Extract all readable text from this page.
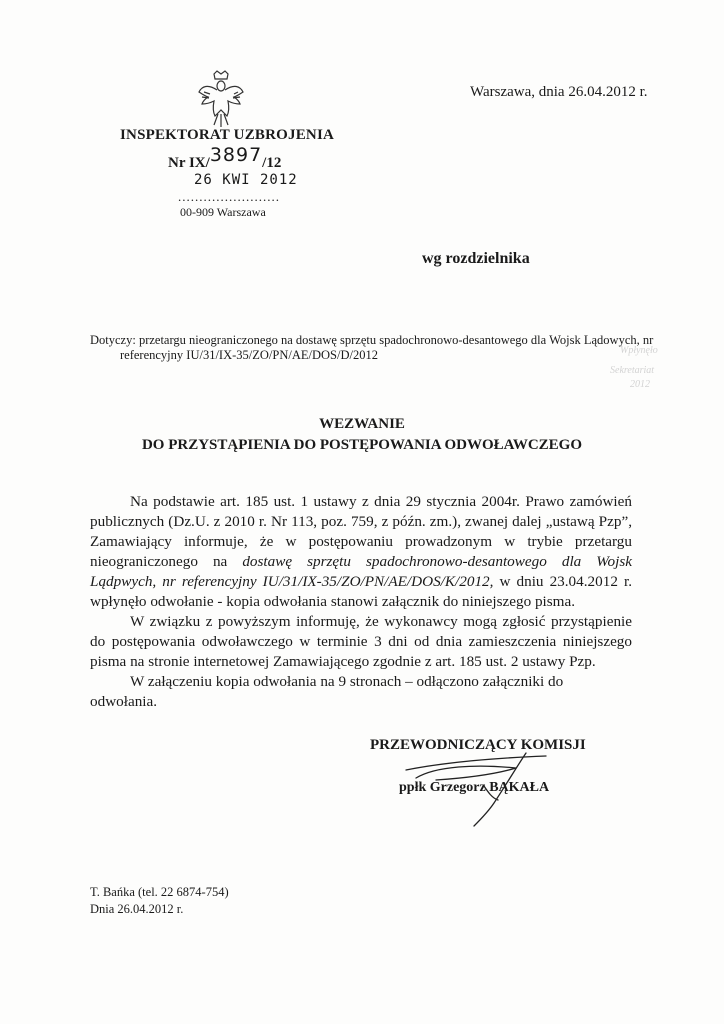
Warszawa, dnia 26.04.2012 r.
INSPEKTORAT UZBROJENIA
Nr IX/3897/12
26 KWI 2012
........................
00-909 Warszawa
wg rozdzielnika
Dotyczy: przetargu nieograniczonego na dostawę sprzętu spadochronowo-desantowego dla Wojsk Lądowych, nr
referencyjny IU/31/IX-35/ZO/PN/AE/DOS/D/2012	Wpłynęło
Sekretariat
2012
WEZWANIE
DO PRZYSTĄPIENIA DO POSTĘPOWANIA ODWOŁAWCZEGO

Na podstawie art. 185 ust. 1 ustawy z dnia 29 stycznia 2004r. Prawo zamówień publicznych (Dz.U. z 2010 r. Nr 113, poz. 759, z późn. zm.), zwanej dalej „ustawą Pzp”, Zamawiający informuje, że w postępowaniu prowadzonym w trybie przetargu nieograniczonego na dostawę sprzętu spadochronowo-desantowego dla Wojsk Lądpwych, nr referencyjny IU/31/IX-35/ZO/PN/AE/DOS/K/2012, w dniu 23.04.2012 r. wpłynęło odwołanie - kopia odwołania stanowi załącznik do niniejszego pisma.

W związku z powyższym informuję, że wykonawcy mogą zgłosić przystąpienie do postępowania odwoławczego w terminie 3 dni od dnia zamieszczenia niniejszego pisma na stronie internetowej Zamawiającego zgodnie z art. 185 ust. 2 ustawy Pzp.

W załączeniu kopia odwołania na 9 stronach – odłączono załączniki do odwołania.

PRZEWODNICZĄCY KOMISJI
ppłk Grzegorz BĄKAŁA
T. Bańka (tel. 22 6874-754)
Dnia 26.04.2012 r.
